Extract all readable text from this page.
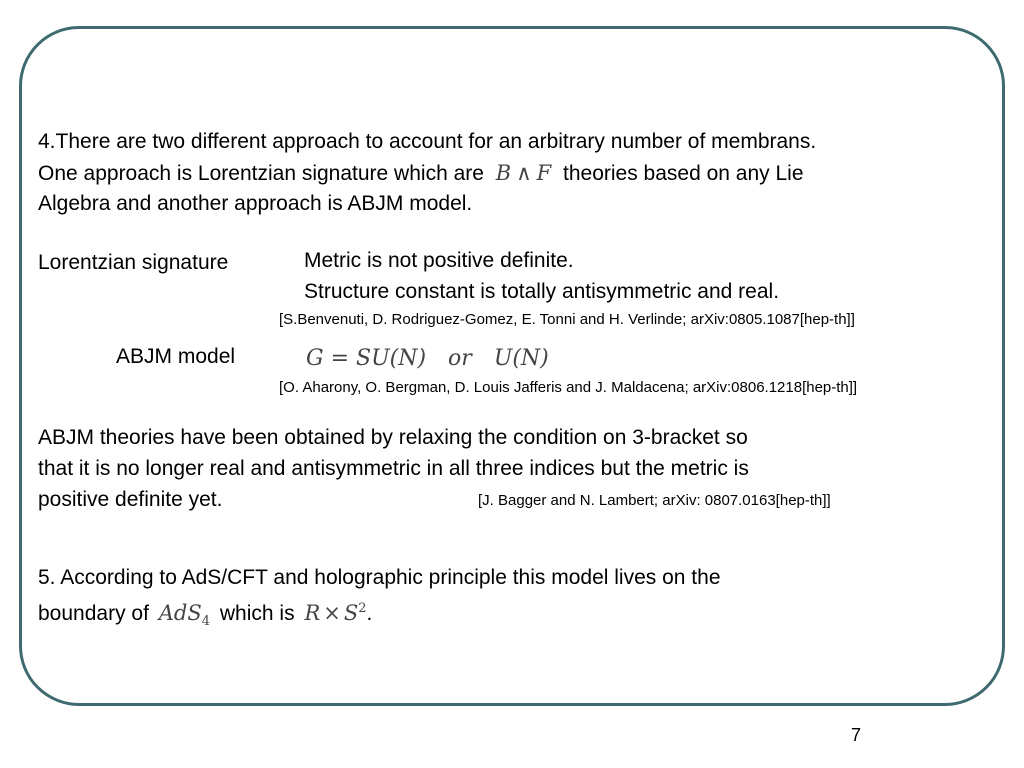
4.There are two different approach to account for an arbitrary number of membrans.
One approach is Lorentzian signature which are B ∧ F theories based on any Lie
Algebra and another approach is ABJM model.
Lorentzian signature	Metric is not positive definite.
Structure constant is totally antisymmetric and real.
[S.Benvenuti, D. Rodriguez-Gomez, E. Tonni and H. Verlinde; arXiv:0805.1087[hep-th]]
ABJM model	G = SU(N) or U(N)
[O. Aharony, O. Bergman, D. Louis Jafferis and J. Maldacena; arXiv:0806.1218[hep-th]]
ABJM theories have been obtained by relaxing the condition on 3-bracket so
that it is no longer real and antisymmetric in all three indices but the metric is
positive definite yet.	[J. Bagger and N. Lambert; arXiv: 0807.0163[hep-th]]
5. According to AdS/CFT and holographic principle this model lives on the
boundary of AdS$_4$ which is $R \times S^2$.
7
